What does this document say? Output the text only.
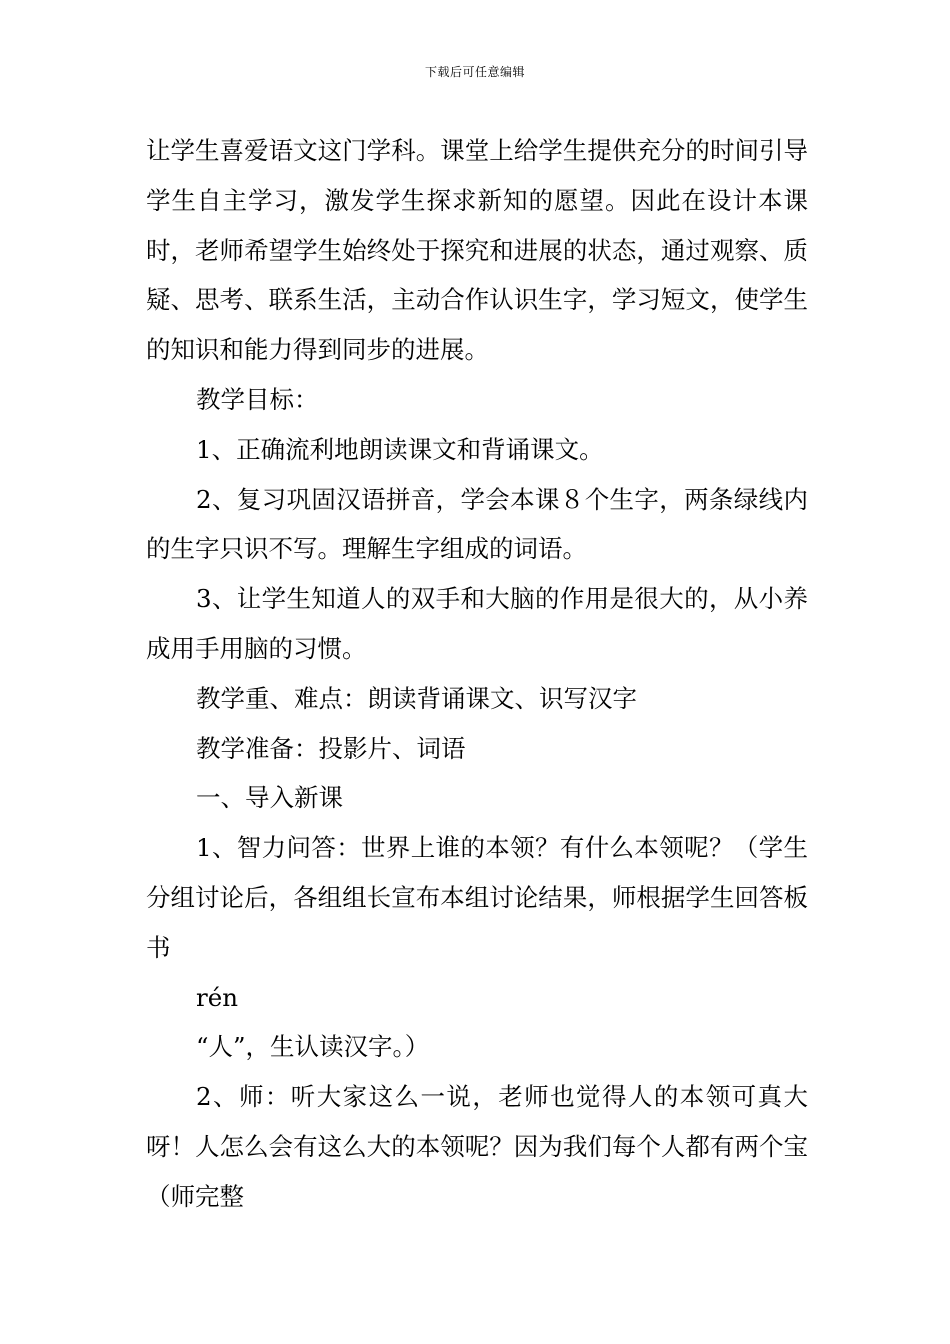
下载后可任意编辑

让学生喜爱语文这门学科。课堂上给学生提供充分的时间引导学生自主学习，激发学生探求新知的愿望。因此在设计本课时，老师希望学生始终处于探究和进展的状态，通过观察、质疑、思考、联系生活，主动合作认识生字，学习短文，使学生的知识和能力得到同步的进展。

教学目标：

1、正确流利地朗读课文和背诵课文。

2、复习巩固汉语拼音，学会本课８个生字，两条绿线内的生字只识不写。理解生字组成的词语。

3、让学生知道人的双手和大脑的作用是很大的，从小养成用手用脑的习惯。

教学重、难点：朗读背诵课文、识写汉字

教学准备：投影片、词语

一、导入新课

1、智力问答：世界上谁的本领？有什么本领呢？（学生分组讨论后，各组组长宣布本组讨论结果，师根据学生回答板书

rén

“人”，生认读汉字。）

2、师：听大家这么一说，老师也觉得人的本领可真大呀！人怎么会有这么大的本领呢？因为我们每个人都有两个宝（师完整
